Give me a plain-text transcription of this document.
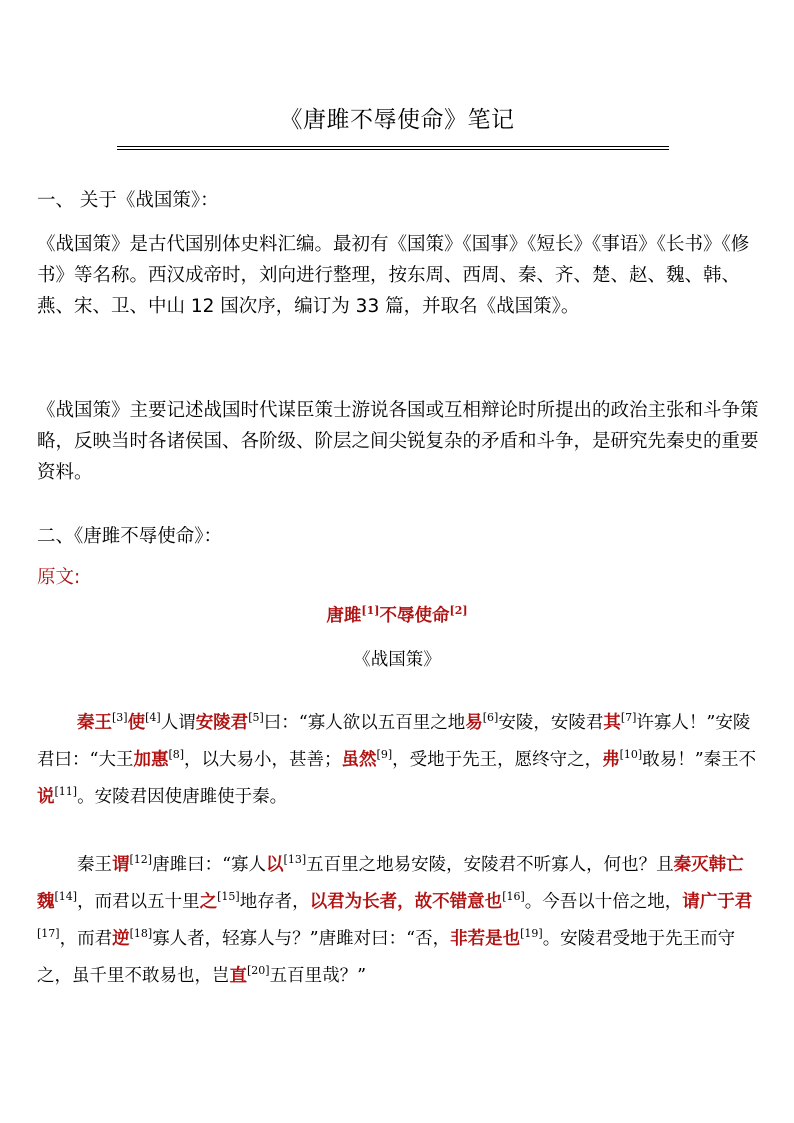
《唐雎不辱使命》笔记
一、 关于《战国策》：
《战国策》是古代国别体史料汇编。最初有《国策》《国事》《短长》《事语》《长书》《修书》等名称。西汉成帝时，刘向进行整理，按东周、西周、秦、齐、楚、赵、魏、韩、燕、宋、卫、中山 12 国次序，编订为 33 篇，并取名《战国策》。
《战国策》主要记述战国时代谋臣策士游说各国或互相辩论时所提出的政治主张和斗争策略，反映当时各诸侯国、各阶级、阶层之间尖锐复杂的矛盾和斗争，是研究先秦史的重要资料。
二、《唐雎不辱使命》：
原文:
唐雎[1]不辱使命[2]
《战国策》
秦王[3]使[4]人谓安陵君[5]曰：“寡人欲以五百里之地易[6]安陵，安陵君其[7]许寡人！”安陵君曰：“大王加惠[8]，以大易小，甚善；虽然[9]，受地于先王，愿终守之，弗[10]敢易！”秦王不说[11]。安陵君因使唐雎使于秦。
秦王谓[12]唐雎曰：“寡人以[13]五百里之地易安陵，安陵君不听寡人，何也？且秦灭韩亡魏[14]，而君以五十里之[15]地存者，以君为长者，故不错意也[16]。今吾以十倍之地，请广于君[17]，而君逆[18]寡人者，轻寡人与？”唐雎对曰：“否，非若是也[19]。安陵君受地于先王而守之，虽千里不敢易也，岂直[20]五百里哉？”
